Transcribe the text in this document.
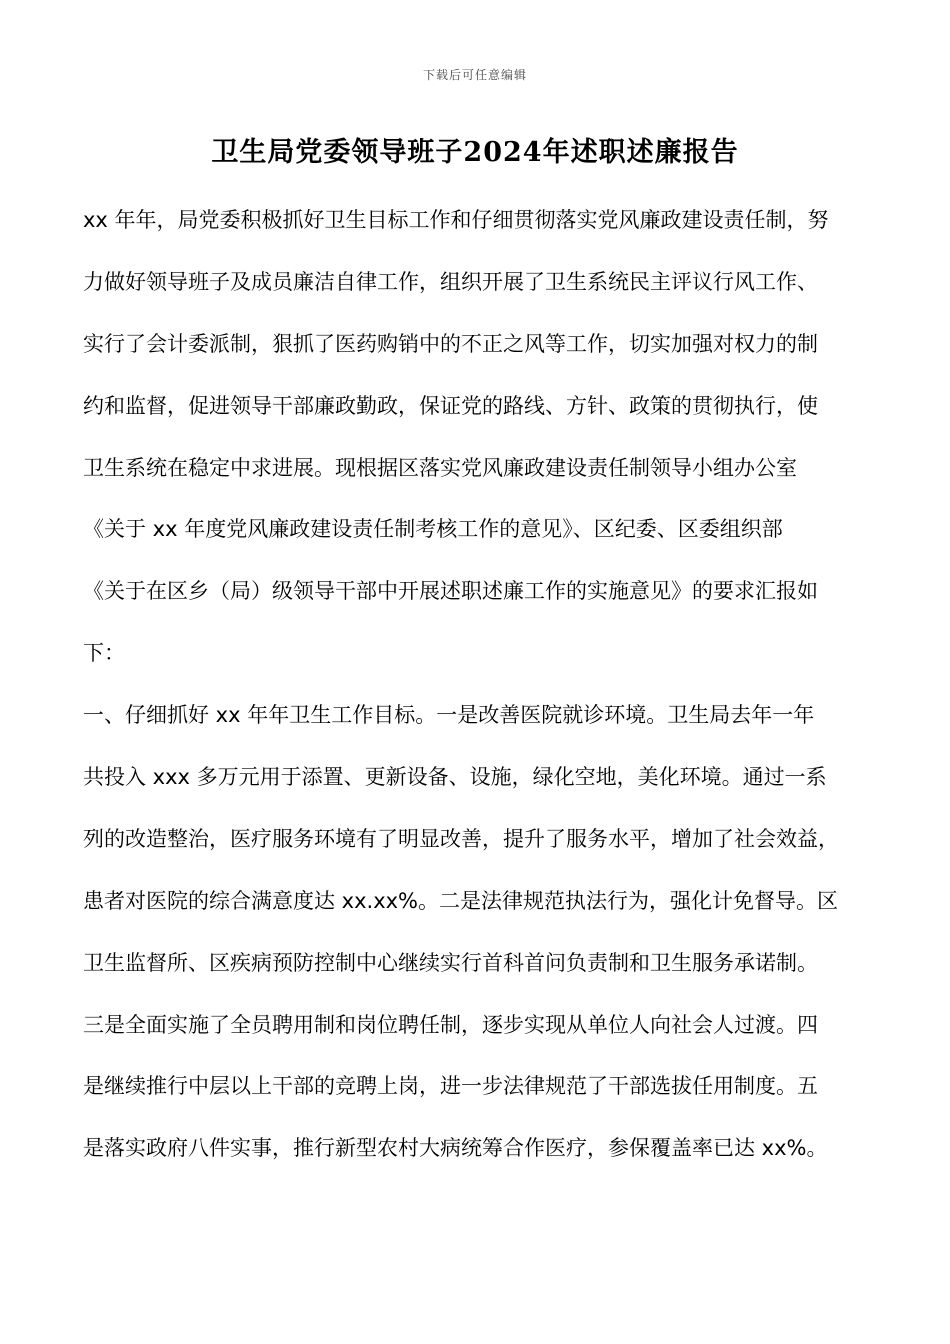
下载后可任意编辑
卫生局党委领导班子2024年述职述廉报告
xx 年年，局党委积极抓好卫生目标工作和仔细贯彻落实党风廉政建设责任制，努
力做好领导班子及成员廉洁自律工作，组织开展了卫生系统民主评议行风工作、
实行了会计委派制，狠抓了医药购销中的不正之风等工作，切实加强对权力的制
约和监督，促进领导干部廉政勤政，保证党的路线、方针、政策的贯彻执行，使
卫生系统在稳定中求进展。现根据区落实党风廉政建设责任制领导小组办公室
《关于 xx 年度党风廉政建设责任制考核工作的意见》、区纪委、区委组织部
《关于在区乡（局）级领导干部中开展述职述廉工作的实施意见》的要求汇报如
下：
一、仔细抓好 xx 年年卫生工作目标。一是改善医院就诊环境。卫生局去年一年
共投入 xxx 多万元用于添置、更新设备、设施，绿化空地，美化环境。通过一系
列的改造整治，医疗服务环境有了明显改善，提升了服务水平，增加了社会效益，
患者对医院的综合满意度达 xx.xx%。二是法律规范执法行为，强化计免督导。区
卫生监督所、区疾病预防控制中心继续实行首科首问负责制和卫生服务承诺制。
三是全面实施了全员聘用制和岗位聘任制，逐步实现从单位人向社会人过渡。四
是继续推行中层以上干部的竞聘上岗，进一步法律规范了干部选拔任用制度。五
是落实政府八件实事，推行新型农村大病统筹合作医疗，参保覆盖率已达 xx%。
